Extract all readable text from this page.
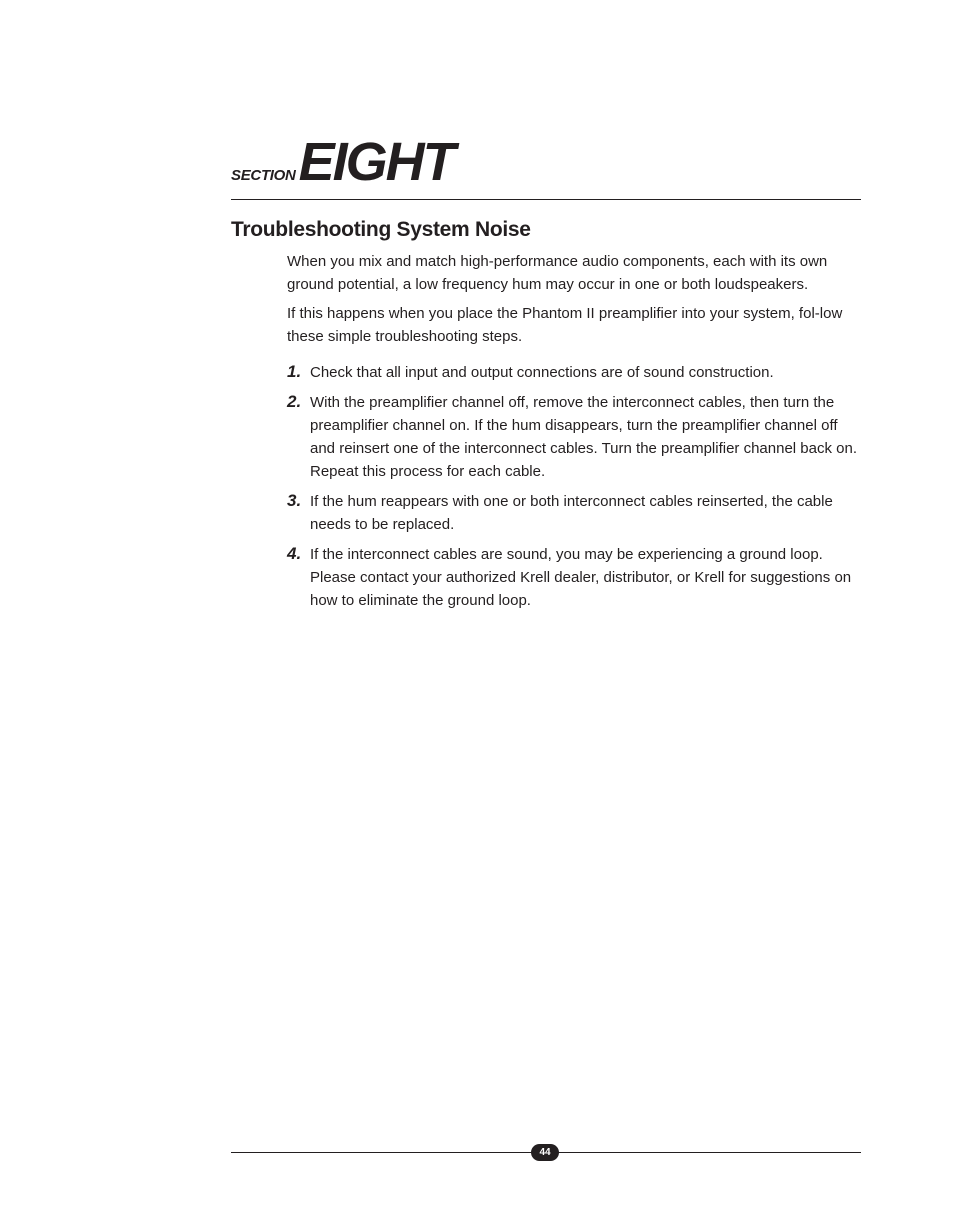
SECTIONEIGHT
Troubleshooting System Noise

When you mix and match high-performance audio components, each with its own ground potential, a low frequency hum may occur in one or both loudspeakers.

If this happens when you place the Phantom II preamplifier into your system, fol-low these simple troubleshooting steps.

1. Check that all input and output connections are of sound construction.
2. With the preamplifier channel off, remove the interconnect cables, then turn the preamplifier channel on. If the hum disappears, turn the preamplifier channel off and reinsert one of the interconnect cables. Turn the preamplifier channel back on. Repeat this process for each cable.
3. If the hum reappears with one or both interconnect cables reinserted, the cable needs to be replaced.
4. If the interconnect cables are sound, you may be experiencing a ground loop. Please contact your authorized Krell dealer, distributor, or Krell for suggestions on how to eliminate the ground loop.
44
